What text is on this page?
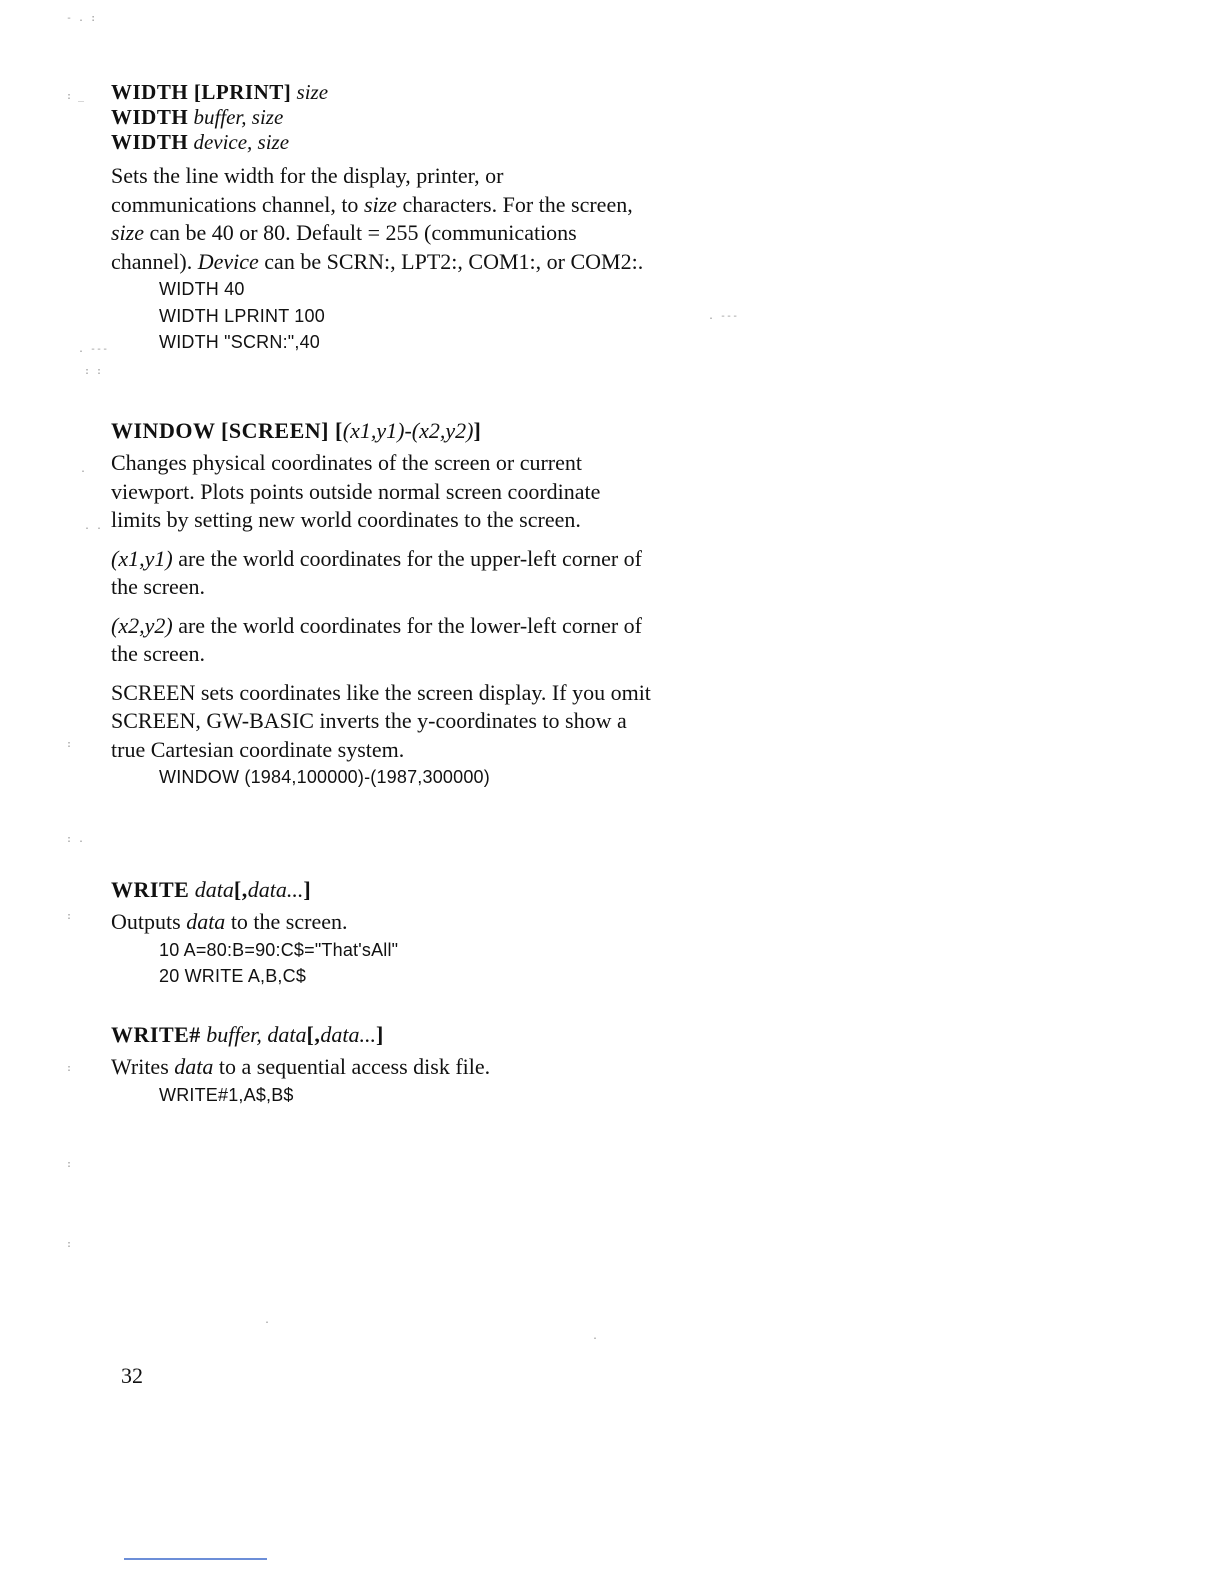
- . :
: _
. ---
: :
.
. .
:
: .
:
:
:
:
. ---
.
.

WIDTH [LPRINT] size

WIDTH buffer, size

WIDTH device, size

Sets the line width for the display, printer, or communications channel, to size characters. For the screen, size can be 40 or 80. Default = 255 (communications channel). Device can be SCRN:, LPT2:, COM1:, or COM2:.

WIDTH 40
WIDTH LPRINT 100
WIDTH "SCRN:",40

WINDOW [SCREEN] [(x1,y1)-(x2,y2)]

Changes physical coordinates of the screen or current viewport. Plots points outside normal screen coordinate limits by setting new world coordinates to the screen.

(x1,y1) are the world coordinates for the upper-left corner of the screen.

(x2,y2) are the world coordinates for the lower-left corner of the screen.

SCREEN sets coordinates like the screen display. If you omit SCREEN, GW-BASIC inverts the y-coordinates to show a true Cartesian coordinate system.

WINDOW (1984,100000)-(1987,300000)

WRITE data[,data...]

Outputs data to the screen.

10 A=80:B=90:C$="That'sAll"
20 WRITE A,B,C$

WRITE# buffer, data[,data...]

Writes data to a sequential access disk file.

WRITE#1,A$,B$
32
